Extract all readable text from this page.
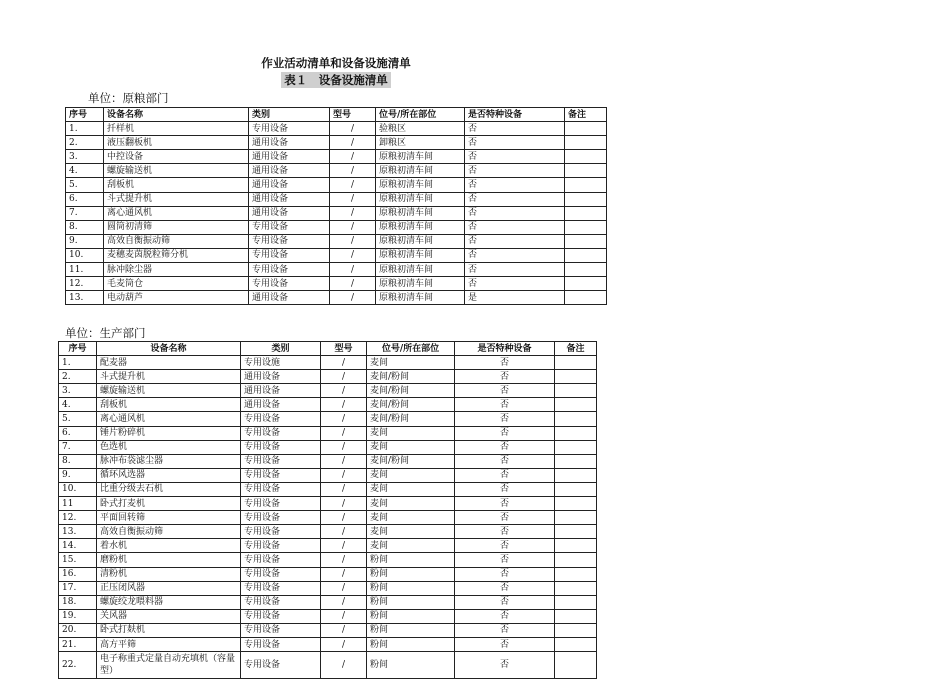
作业活动清单和设备设施清单
表１　设备设施清单
单位：原粮部门
序号	设备名称	类别	型号	位号/所在部位	是否特种设备	备注
1.	扦样机	专用设备	/	验粮区	否	
2.	液压翻板机	通用设备	/	卸粮区	否	
3.	中控设备	通用设备	/	原粮初清车间	否	
4.	螺旋输送机	通用设备	/	原粮初清车间	否	
5.	刮板机	通用设备	/	原粮初清车间	否	
6.	斗式提升机	通用设备	/	原粮初清车间	否	
7.	离心通风机	通用设备	/	原粮初清车间	否	
8.	圆筒初清筛	专用设备	/	原粮初清车间	否	
9.	高效自衡振动筛	专用设备	/	原粮初清车间	否	
10.	麦穗麦茵脱粒筛分机	专用设备	/	原粮初清车间	否	
11.	脉冲除尘器	专用设备	/	原粮初清车间	否	
12.	毛麦筒仓	专用设备	/	原粮初清车间	否	
13.	电动葫芦	通用设备	/	原粮初清车间	是	
单位：生产部门
序号	设备名称	类别	型号	位号/所在部位	是否特种设备	备注
1.	配麦器	专用设施	/	麦间	否	
2.	斗式提升机	通用设备	/	麦间/粉间	否	
3.	螺旋输送机	通用设备	/	麦间/粉间	否	
4.	刮板机	通用设备	/	麦间/粉间	否	
5.	离心通风机	专用设备	/	麦间/粉间	否	
6.	锤片粉碎机	专用设备	/	麦间	否	
7.	色选机	专用设备	/	麦间	否	
8.	脉冲布袋滤尘器	专用设备	/	麦间/粉间	否	
9.	循环风选器	专用设备	/	麦间	否	
10.	比重分级去石机	专用设备	/	麦间	否	
11	卧式打麦机	专用设备	/	麦间	否	
12.	平面回转筛	专用设备	/	麦间	否	
13.	高效自衡振动筛	专用设备	/	麦间	否	
14.	着水机	专用设备	/	麦间	否	
15.	磨粉机	专用设备	/	粉间	否	
16.	清粉机	专用设备	/	粉间	否	
17.	正压闭风器	专用设备	/	粉间	否	
18.	螺旋绞龙喂料器	专用设备	/	粉间	否	
19.	关风器	专用设备	/	粉间	否	
20.	卧式打麸机	专用设备	/	粉间	否	
21.	高方平筛	专用设备	/	粉间	否	
22.	电子称重式定量自动充填机（容量型）	专用设备	/	粉间	否	
